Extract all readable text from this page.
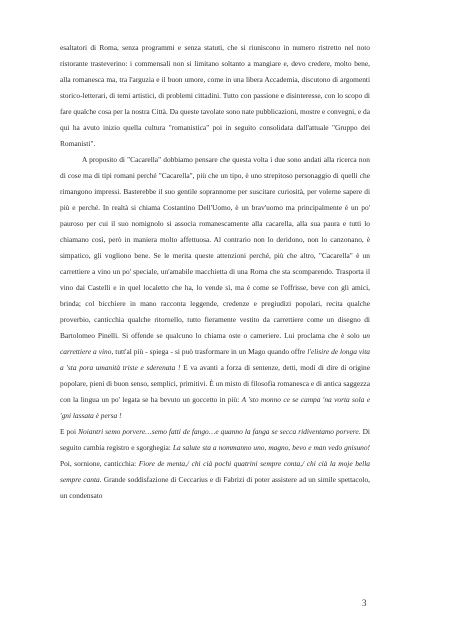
esaltatori di Roma, senza programmi e senza statuti, che si riuniscono in numero ristretto nel noto ristorante trasteverino: i commensali non si limitano soltanto a mangiare e, devo credere, molto bene, alla romanesca ma, tra l'arguzia e il buon umore, come in una libera Accademia, discutono di argomenti storico-letterari, di temi artistici, di problemi cittadini. Tutto con passione e disinteresse, con lo scopo di fare qualche cosa per la nostra Città. Da queste tavolate sono nate pubblicazioni, mostre e convegni, e da qui ha avuto inizio quella cultura "romanistica" poi in seguito consolidata dall'attuale "Gruppo dei Romanisti".

A proposito di "Cacarella" dobbiamo pensare che questa volta i due sono andati alla ricerca non di cose ma di tipi romani perché "Cacarella", più che un tipo, è uno strepitoso personaggio di quelli che rimangono impressi. Basterebbe il suo gentile soprannome per suscitare curiosità, per volerne sapere di più e perché. In realtà si chiama Costantino Dell'Uomo, è un brav'uomo ma principalmente è un po' pauroso per cui il suo nomignolo si associa romanescamente alla cacarella, alla sua paura e tutti lo chiamano così, però in maniera molto affettuosa. Al contrario non lo deridono, non lo canzonano, è simpatico, gli vogliono bene. Se le merita queste attenzioni perché, più che altro, "Cacarella" è un carrettiere a vino un po' speciale, un'amabile macchietta di una Roma che sta scomparendo. Trasporta il vino dai Castelli e in quel localetto che ha, lo vende sì, ma è come se l'offrisse, beve con gli amici, brinda; col bicchiere in mano racconta leggende, credenze e pregiudizi popolari, recita qualche proverbio, canticchia qualche ritornello, tutto fieramente vestito da carrettiere come un disegno di Bartolomeo Pinelli. Si offende se qualcuno lo chiama oste o cameriere. Lui proclama che è solo un carrettiere a vino, tutt'al più - spiega - si può trasformare in un Mago quando offre l'elisire de longa vita a 'sta pora umanità triste e sderenata ! E va avanti a forza di sentenze, detti, modi di dire di origine popolare, pieni di buon senso, semplici, primitivi. È un misto di filosofia romanesca e di antica saggezza con la lingua un po' legata se ha bevuto un goccetto in più: A 'sto monno ce se campa 'na vorta sola e 'gni lassata è persa !

E poi Noiantri semo porvere…semo fatti de fango…e quanno la fanga se secca ridiventamo porvere. Di seguito cambia registro e sgorghegia: La salute sta a nommanno uno, magno, bevo e man vedo gnisuno! Poi, sornione, canticchia: Fiore de menta,/ chi cià pochi quatrini sempre conta,/ chi cià la moje bella sempre canta. Grande soddisfazione di Ceccarius e di Fabrizi di poter assistere ad un simile spettacolo, un condensato

3
